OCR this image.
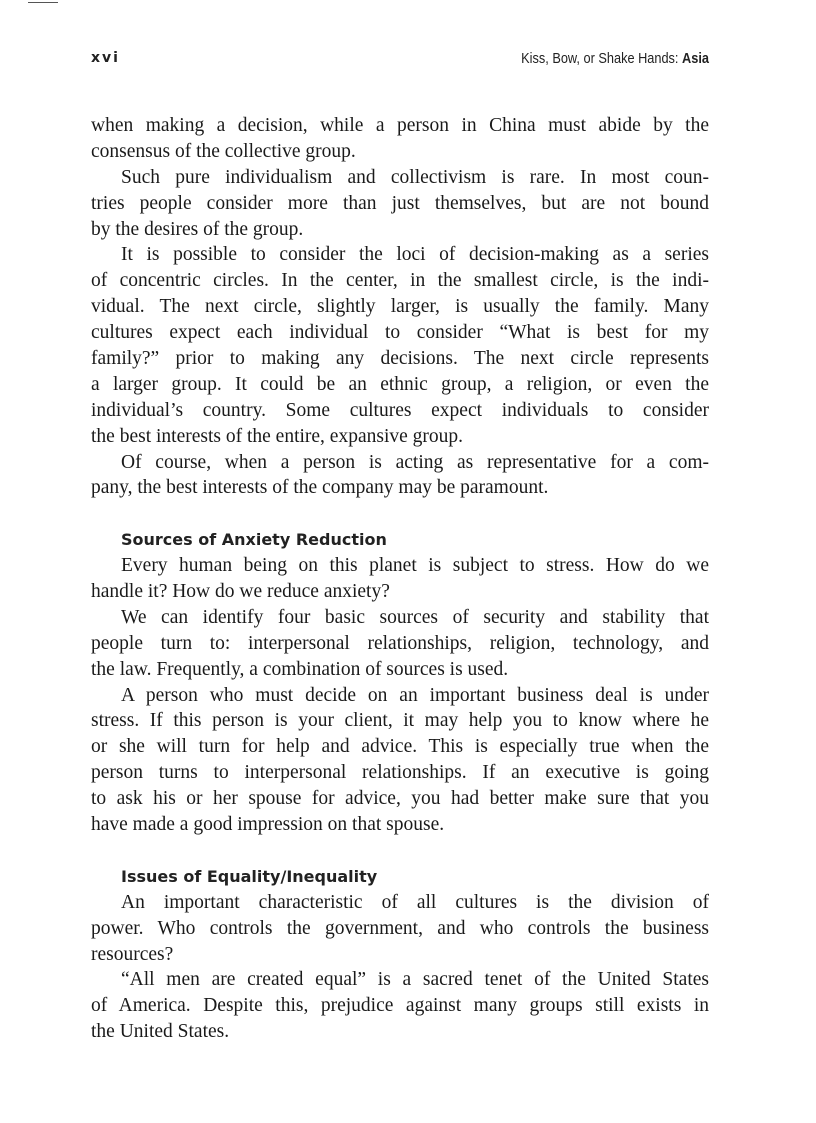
xvi	Kiss, Bow, or Shake Hands: Asia
when making a decision, while a person in China must abide by the
consensus of the collective group.
Such pure individualism and collectivism is rare. In most coun-
tries people consider more than just themselves, but are not bound
by the desires of the group.
It is possible to consider the loci of decision-making as a series
of concentric circles. In the center, in the smallest circle, is the indi-
vidual. The next circle, slightly larger, is usually the family. Many
cultures expect each individual to consider “What is best for my
family?” prior to making any decisions. The next circle represents
a larger group. It could be an ethnic group, a religion, or even the
individual’s country. Some cultures expect individuals to consider
the best interests of the entire, expansive group.
Of course, when a person is acting as representative for a com-
pany, the best interests of the company may be paramount.
Sources of Anxiety Reduction
Every human being on this planet is subject to stress. How do we
handle it? How do we reduce anxiety?
We can identify four basic sources of security and stability that
people turn to: interpersonal relationships, religion, technology, and
the law. Frequently, a combination of sources is used.
A person who must decide on an important business deal is under
stress. If this person is your client, it may help you to know where he
or she will turn for help and advice. This is especially true when the
person turns to interpersonal relationships. If an executive is going
to ask his or her spouse for advice, you had better make sure that you
have made a good impression on that spouse.
Issues of Equality/Inequality
An important characteristic of all cultures is the division of
power. Who controls the government, and who controls the business
resources?
“All men are created equal” is a sacred tenet of the United States
of America. Despite this, prejudice against many groups still exists in
the United States.
